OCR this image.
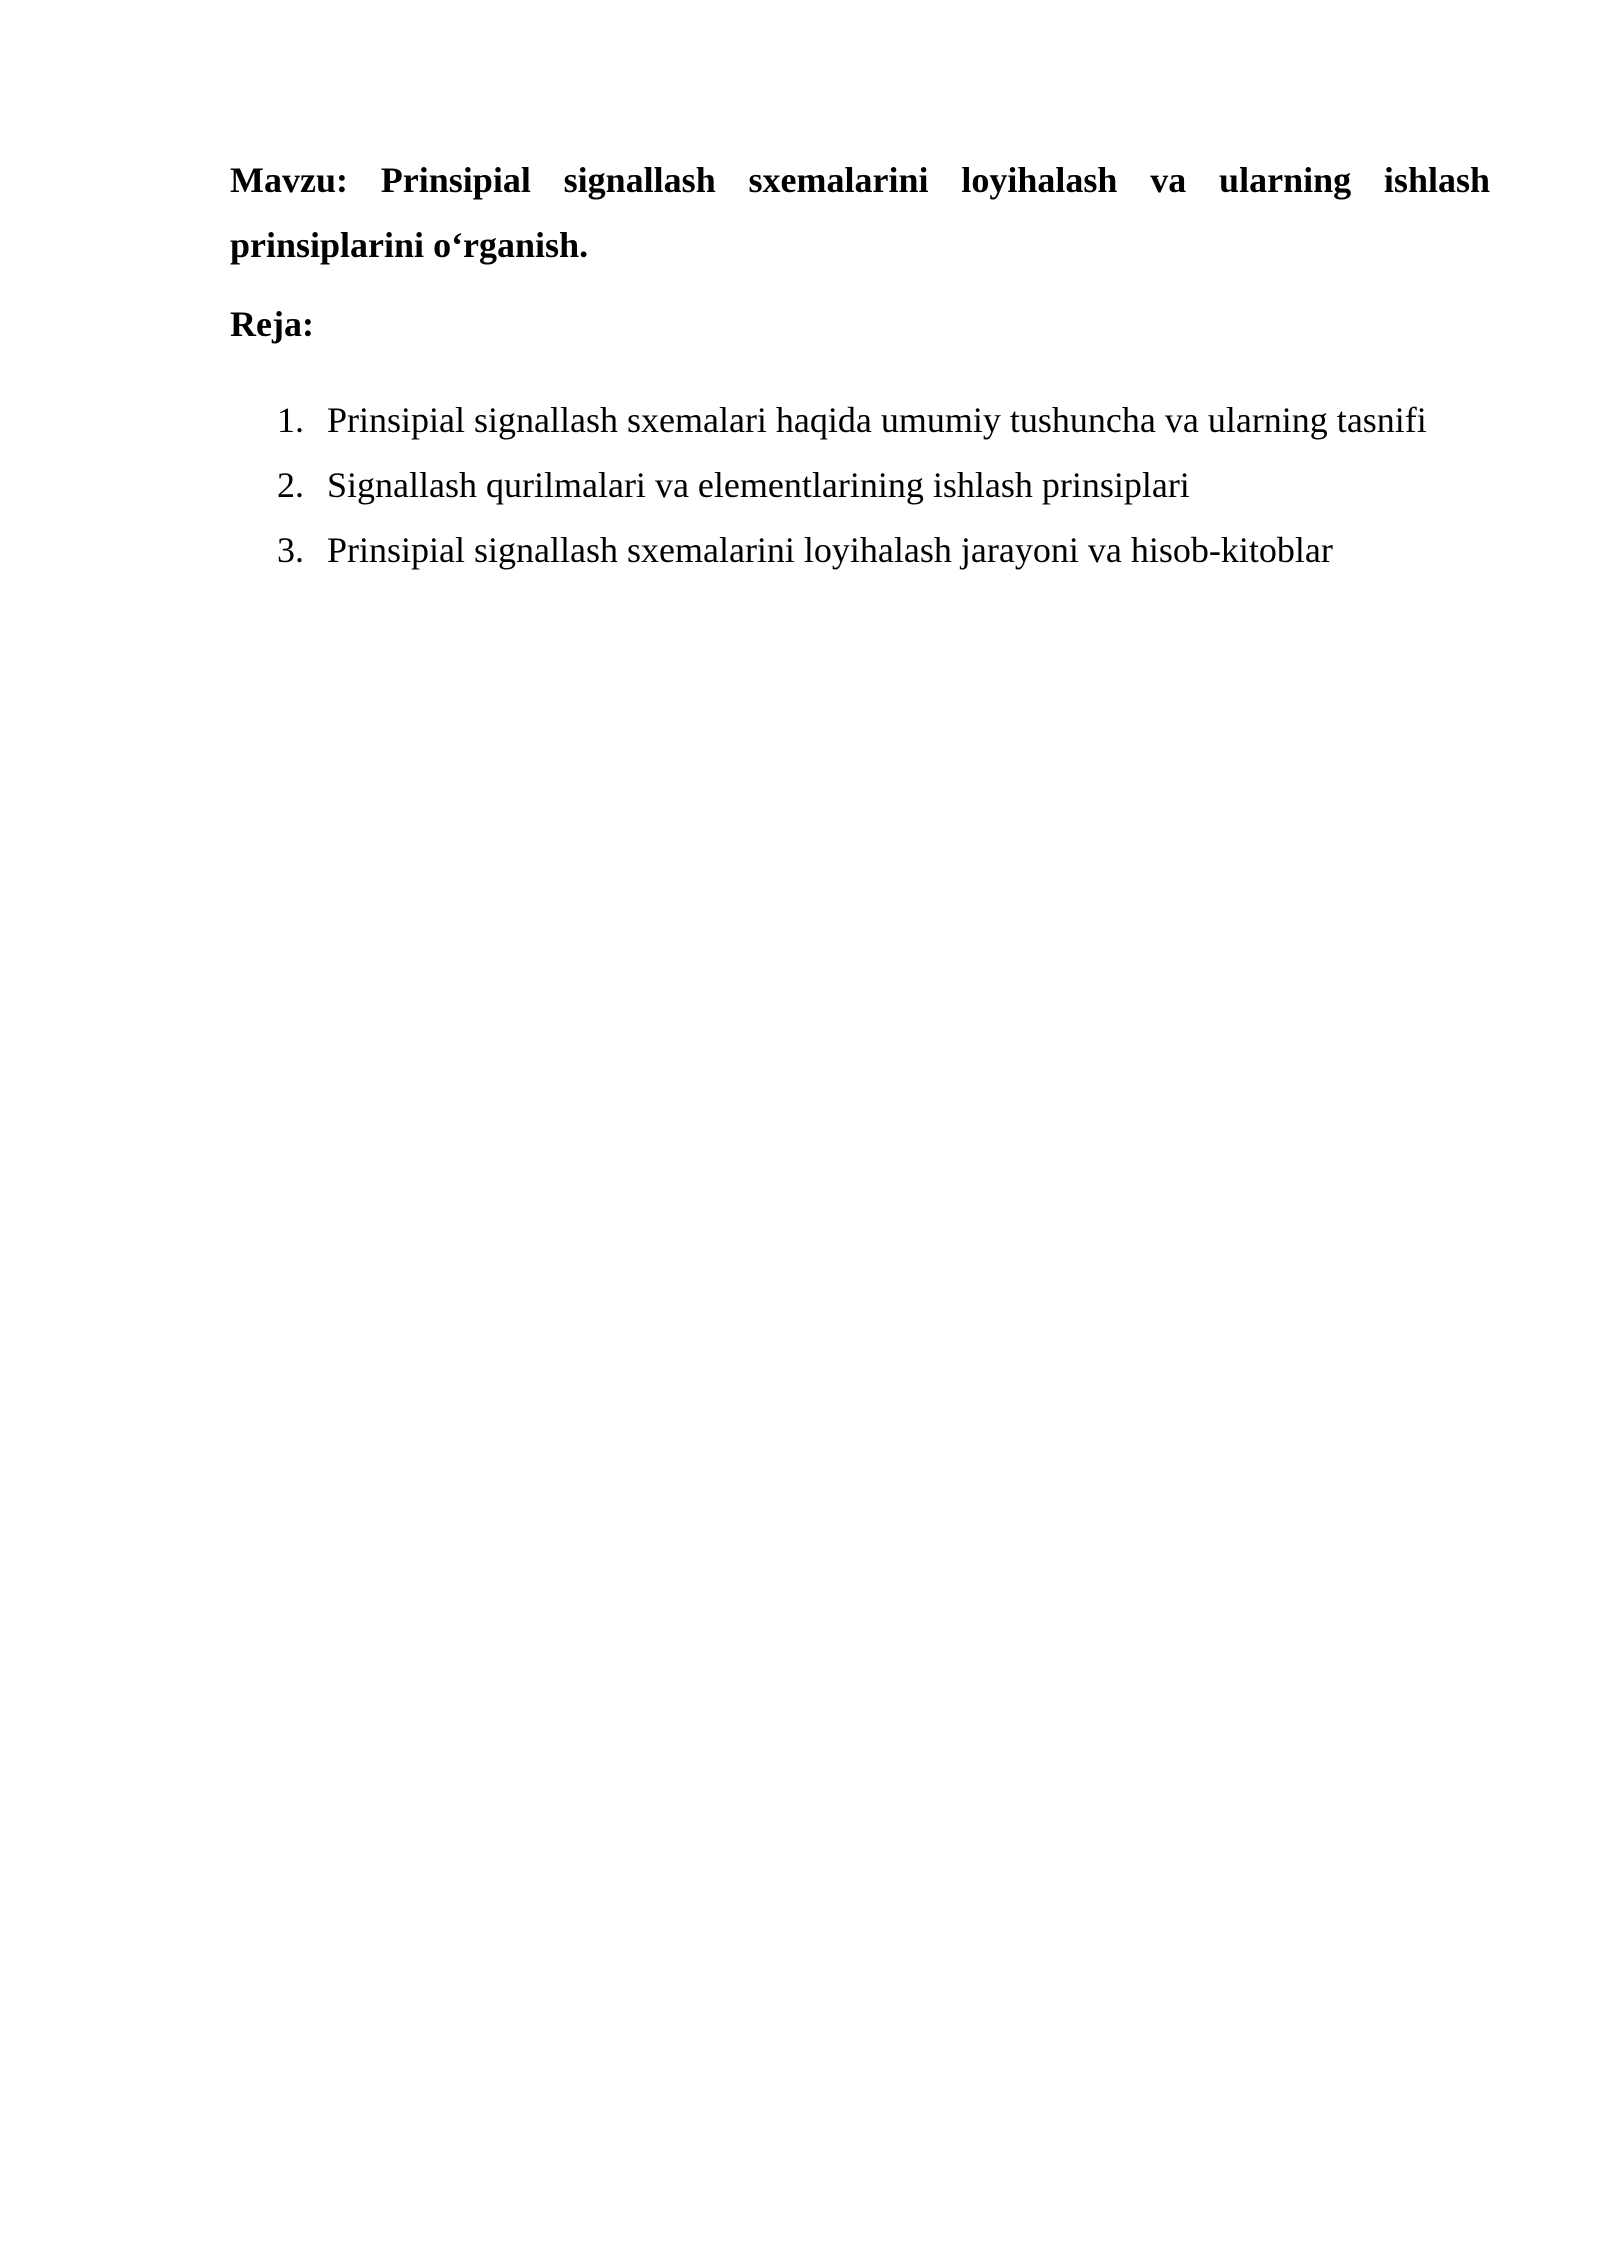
Mavzu: Prinsipial signallash sxemalarini loyihalash va ularning ishlash prinsiplarini o‘rganish.

Reja:

1. Prinsipial signallash sxemalari haqida umumiy tushuncha va ularning tasnifi
2. Signallash qurilmalari va elementlarining ishlash prinsiplari
3. Prinsipial signallash sxemalarini loyihalash jarayoni va hisob-kitoblar
